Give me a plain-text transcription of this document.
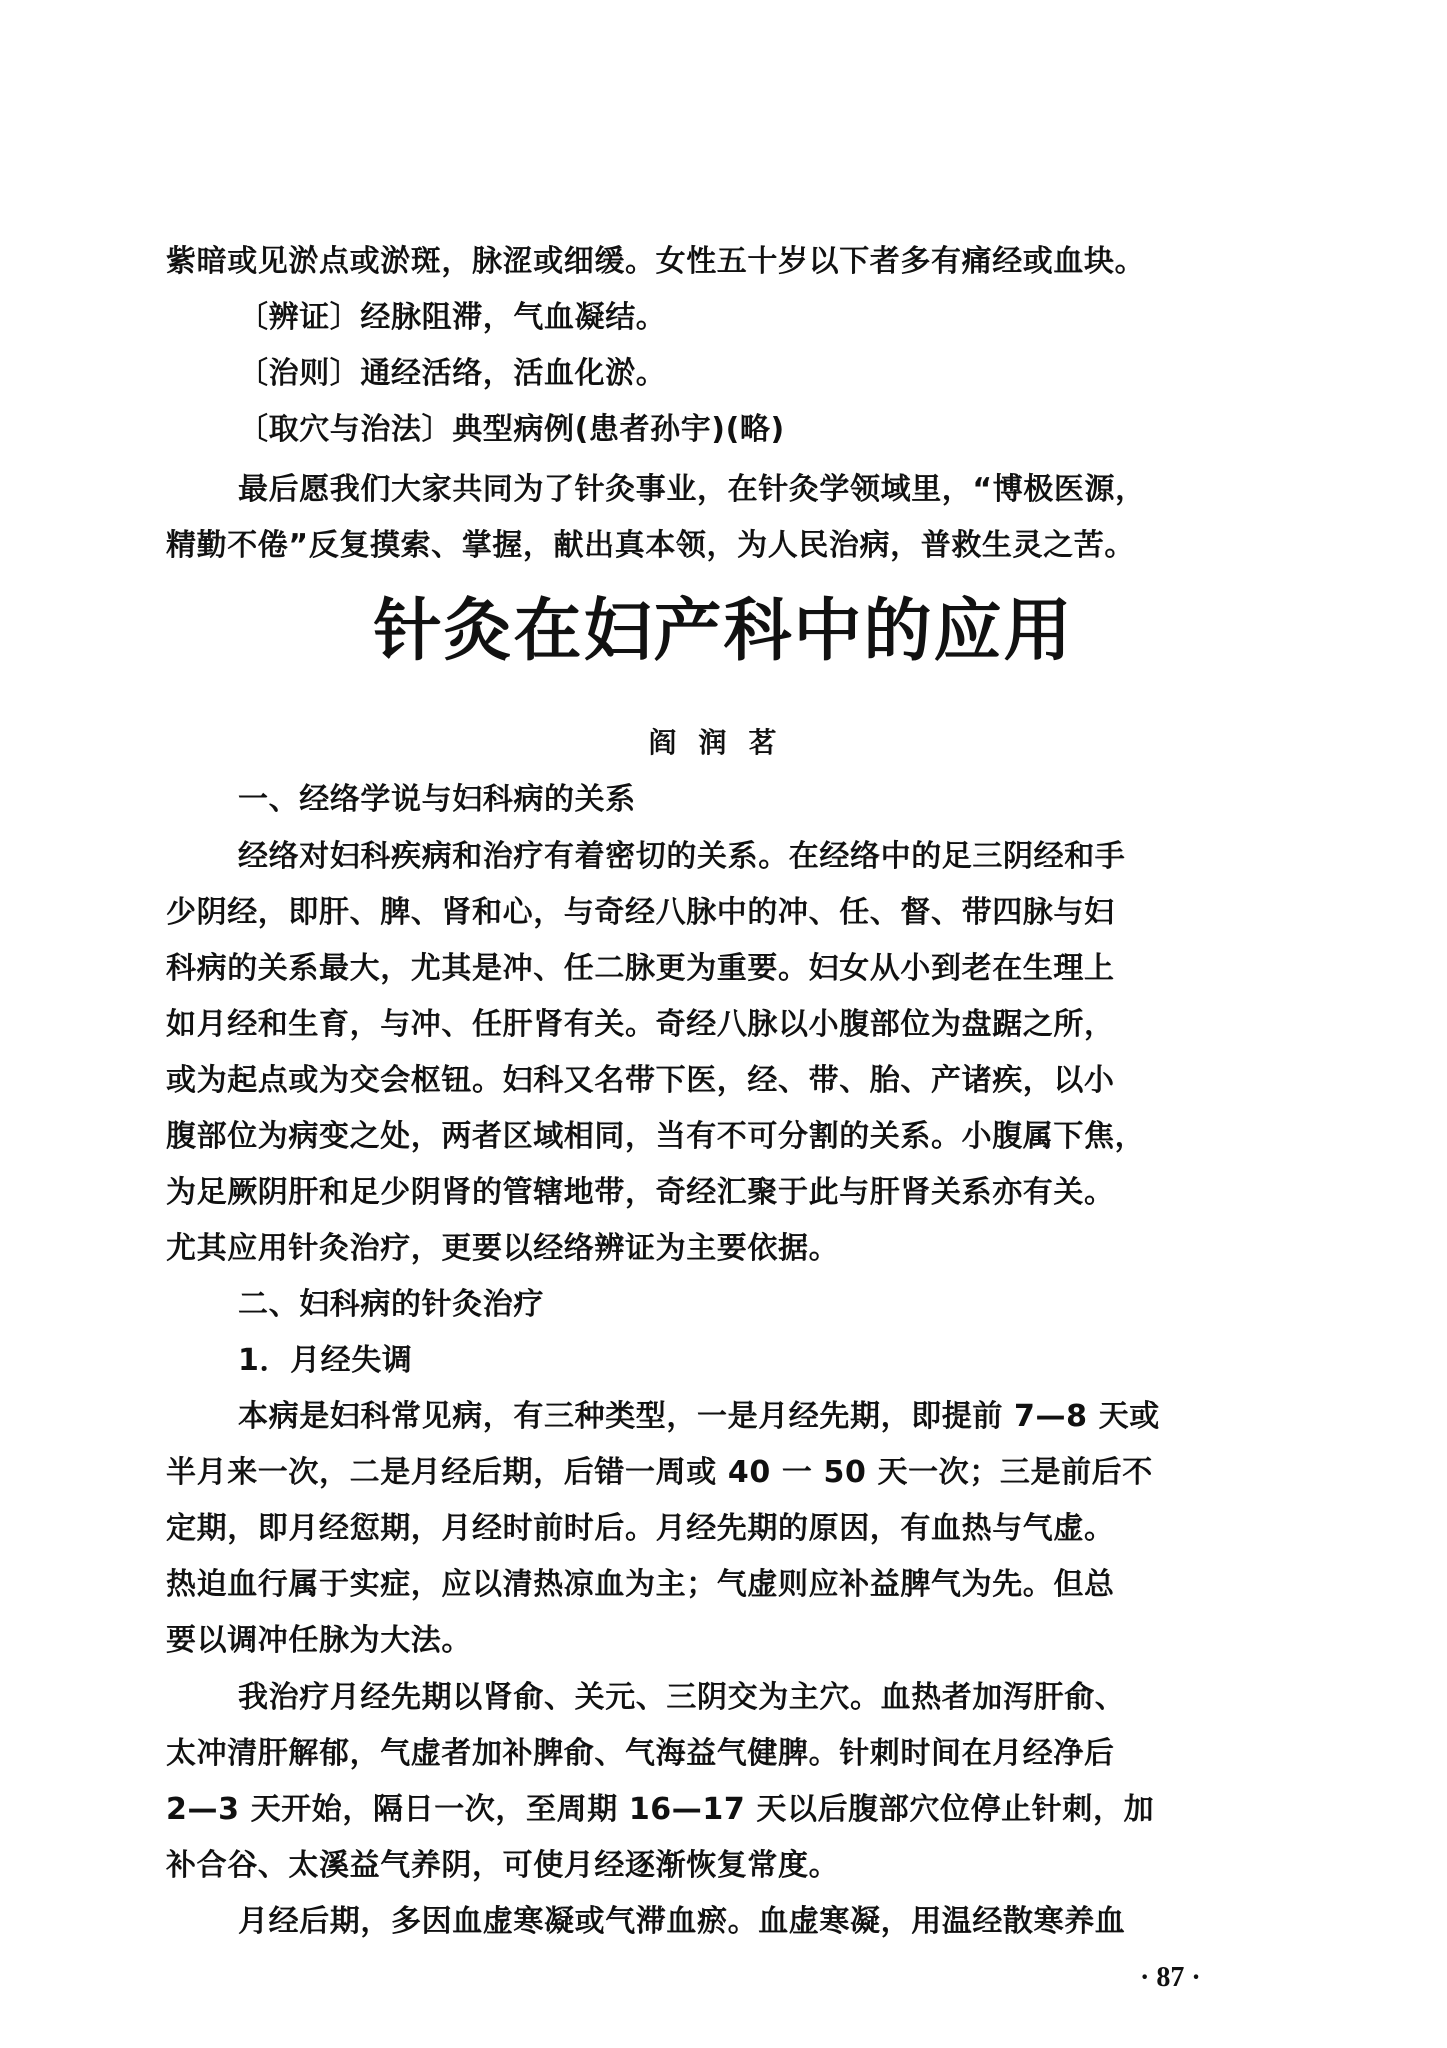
紫暗或见淤点或淤斑，脉涩或细缓。女性五十岁以下者多有痛经或血块。
〔辨证〕经脉阻滞，气血凝结。
〔治则〕通经活络，活血化淤。
〔取穴与治法〕典型病例(患者孙宇)(略)
最后愿我们大家共同为了针灸事业，在针灸学领域里，“博极医源，
精勤不倦”反复摸索、掌握，献出真本领，为人民治病，普救生灵之苦。
针灸在妇产科中的应用
阎润茗
一、经络学说与妇科病的关系
经络对妇科疾病和治疗有着密切的关系。在经络中的足三阴经和手
少阴经，即肝、脾、肾和心，与奇经八脉中的冲、任、督、带四脉与妇
科病的关系最大，尤其是冲、任二脉更为重要。妇女从小到老在生理上
如月经和生育，与冲、任肝肾有关。奇经八脉以小腹部位为盘踞之所，
或为起点或为交会枢钮。妇科又名带下医，经、带、胎、产诸疾，以小
腹部位为病变之处，两者区域相同，当有不可分割的关系。小腹属下焦，
为足厥阴肝和足少阴肾的管辖地带，奇经汇聚于此与肝肾关系亦有关。
尤其应用针灸治疗，更要以经络辨证为主要依据。
二、妇科病的针灸治疗
1．月经失调
本病是妇科常见病，有三种类型，一是月经先期，即提前 7—8 天或
半月来一次，二是月经后期，后错一周或 40 一 50 天一次；三是前后不
定期，即月经愆期，月经时前时后。月经先期的原因，有血热与气虚。
热迫血行属于实症，应以清热凉血为主；气虚则应补益脾气为先。但总
要以调冲任脉为大法。
我治疗月经先期以肾俞、关元、三阴交为主穴。血热者加泻肝俞、
太冲清肝解郁，气虚者加补脾俞、气海益气健脾。针刺时间在月经净后
2—3 天开始，隔日一次，至周期 16—17 天以后腹部穴位停止针刺，加
补合谷、太溪益气养阴，可使月经逐渐恢复常度。
月经后期，多因血虚寒凝或气滞血瘀。血虚寒凝，用温经散寒养血
· 87 ·
